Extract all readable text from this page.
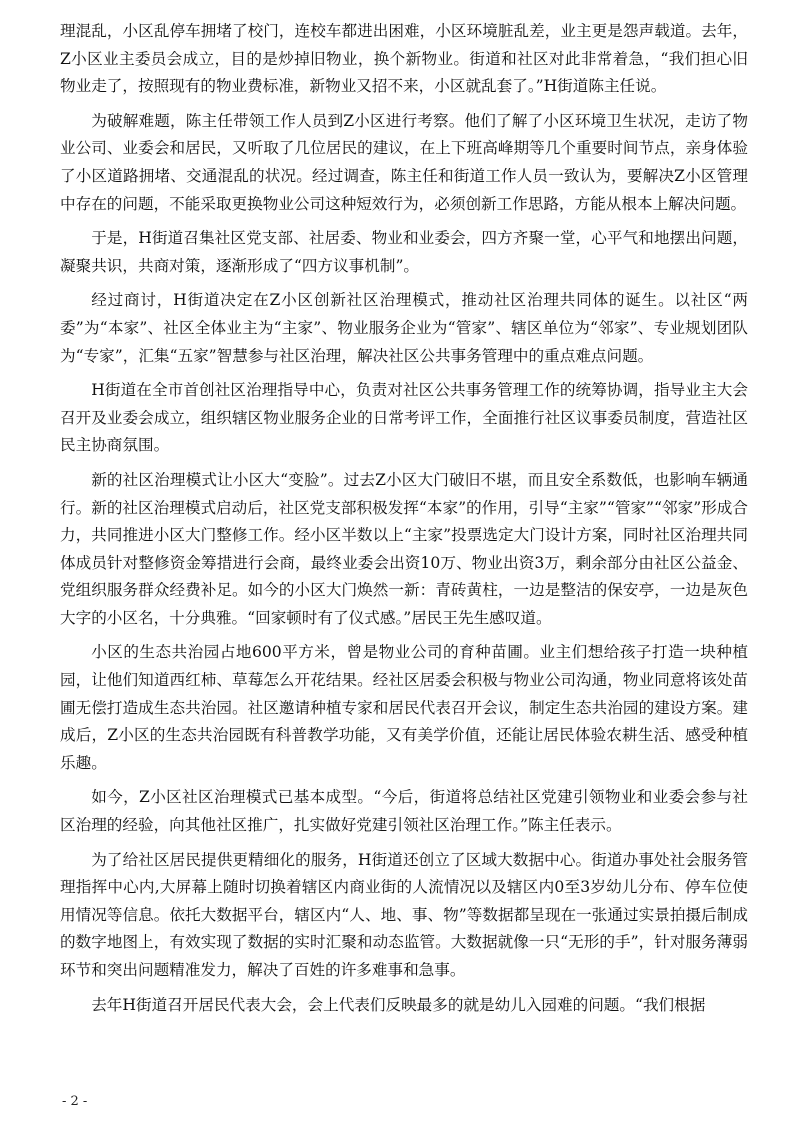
理混乱，小区乱停车拥堵了校门，连校车都进出困难，小区环境脏乱差，业主更是怨声载道。去年，Z小区业主委员会成立，目的是炒掉旧物业，换个新物业。街道和社区对此非常着急，“我们担心旧物业走了，按照现有的物业费标准，新物业又招不来，小区就乱套了。”H街道陈主任说。

为破解难题，陈主任带领工作人员到Z小区进行考察。他们了解了小区环境卫生状况，走访了物业公司、业委会和居民，又听取了几位居民的建议，在上下班高峰期等几个重要时间节点，亲身体验了小区道路拥堵、交通混乱的状况。经过调查，陈主任和街道工作人员一致认为，要解决Z小区管理中存在的问题，不能采取更换物业公司这种短效行为，必须创新工作思路，方能从根本上解决问题。

于是，H街道召集社区党支部、社居委、物业和业委会，四方齐聚一堂，心平气和地摆出问题，凝聚共识，共商对策，逐渐形成了“四方议事机制”。

经过商讨，H街道决定在Z小区创新社区治理模式，推动社区治理共同体的诞生。以社区“两委”为“本家”、社区全体业主为“主家”、物业服务企业为“管家”、辖区单位为“邻家”、专业规划团队为“专家”，汇集“五家”智慧参与社区治理，解决社区公共事务管理中的重点难点问题。

H街道在全市首创社区治理指导中心，负责对社区公共事务管理工作的统筹协调，指导业主大会召开及业委会成立，组织辖区物业服务企业的日常考评工作，全面推行社区议事委员制度，营造社区民主协商氛围。

新的社区治理模式让小区大“变脸”。过去Z小区大门破旧不堪，而且安全系数低，也影响车辆通行。新的社区治理模式启动后，社区党支部积极发挥“本家”的作用，引导“主家”“管家”“邻家”形成合力，共同推进小区大门整修工作。经小区半数以上“主家”投票选定大门设计方案，同时社区治理共同体成员针对整修资金筹措进行会商，最终业委会出资10万、物业出资3万，剩余部分由社区公益金、党组织服务群众经费补足。如今的小区大门焕然一新：青砖黄柱，一边是整洁的保安亭，一边是灰色大字的小区名，十分典雅。“回家顿时有了仪式感。”居民王先生感叹道。

小区的生态共治园占地600平方米，曾是物业公司的育种苗圃。业主们想给孩子打造一块种植园，让他们知道西红柿、草莓怎么开花结果。经社区居委会积极与物业公司沟通，物业同意将该处苗圃无偿打造成生态共治园。社区邀请种植专家和居民代表召开会议，制定生态共治园的建设方案。建成后，Z小区的生态共治园既有科普教学功能，又有美学价值，还能让居民体验农耕生活、感受种植乐趣。

如今，Z小区社区治理模式已基本成型。“今后，街道将总结社区党建引领物业和业委会参与社区治理的经验，向其他社区推广，扎实做好党建引领社区治理工作。”陈主任表示。

为了给社区居民提供更精细化的服务，H街道还创立了区域大数据中心。街道办事处社会服务管理指挥中心内,大屏幕上随时切换着辖区内商业街的人流情况以及辖区内0至3岁幼儿分布、停车位使用情况等信息。依托大数据平台，辖区内“人、地、事、物”等数据都呈现在一张通过实景拍摄后制成的数字地图上，有效实现了数据的实时汇聚和动态监管。大数据就像一只“无形的手”，针对服务薄弱环节和突出问题精准发力，解决了百姓的许多难事和急事。

去年H街道召开居民代表大会，会上代表们反映最多的就是幼儿入园难的问题。“我们根据

- 2 -
